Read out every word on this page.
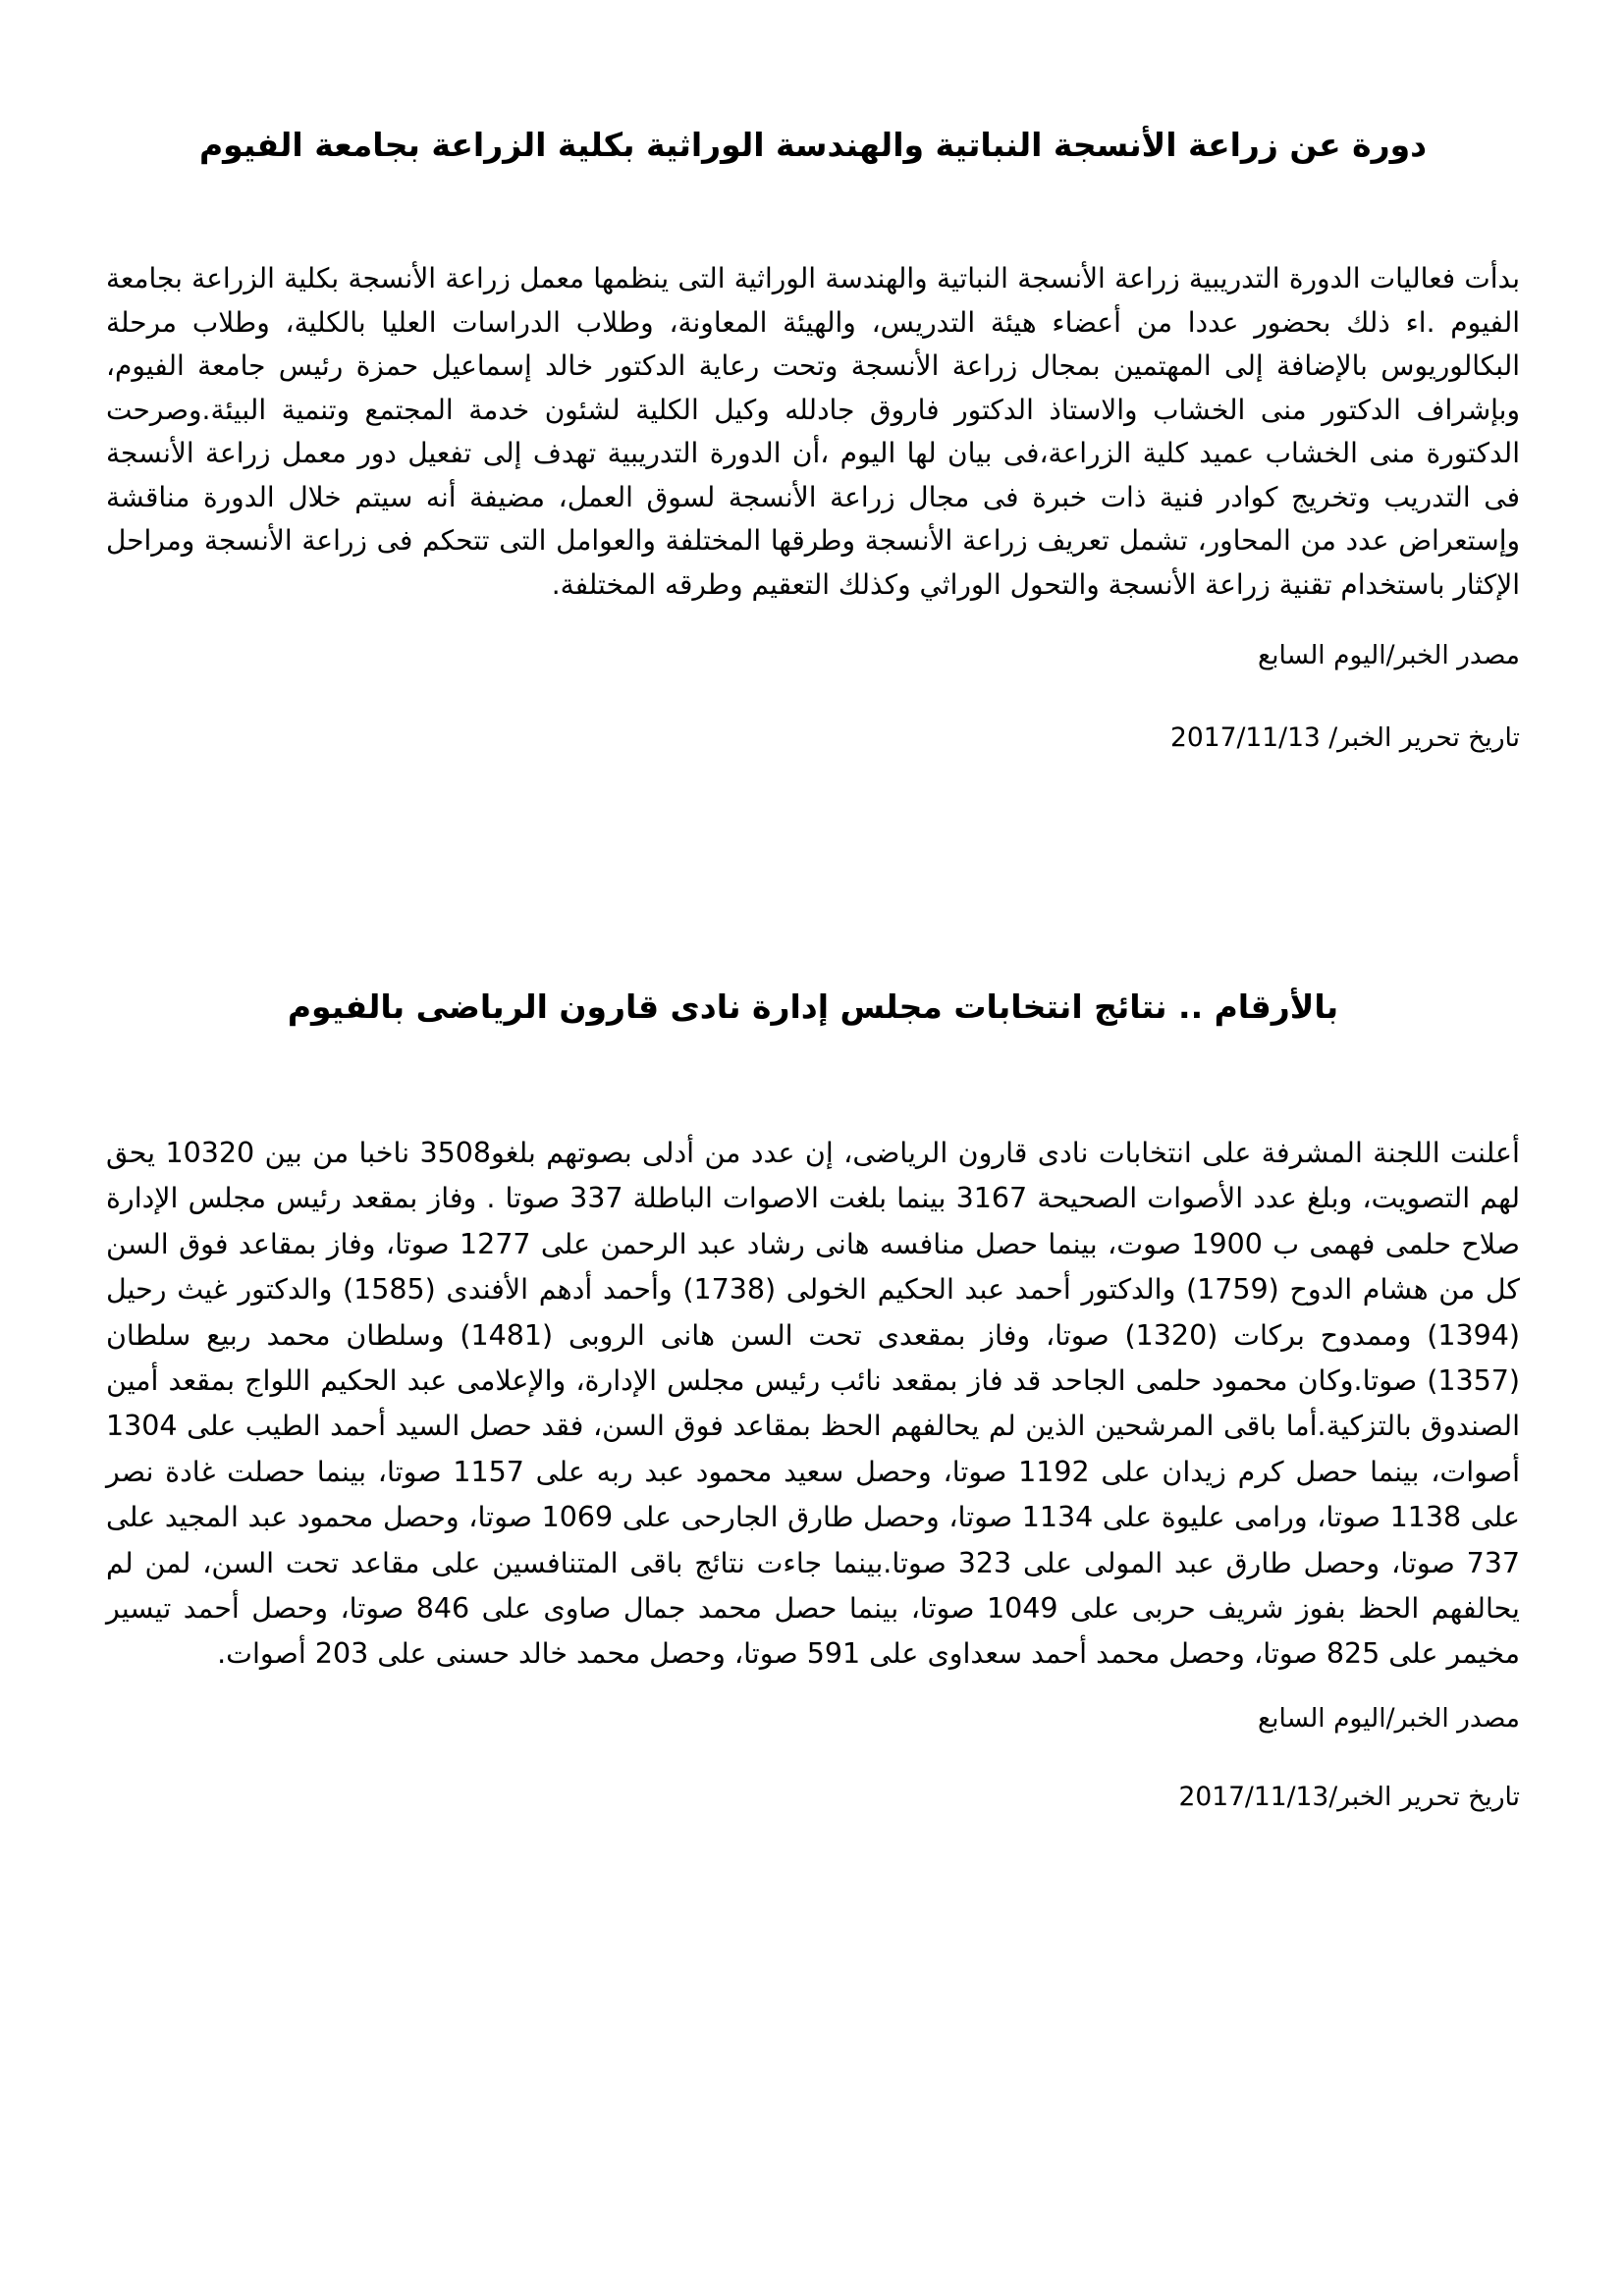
دورة عن زراعة الأنسجة النباتية والهندسة الوراثية بكلية الزراعة بجامعة الفيوم

بدأت فعاليات الدورة التدريبية زراعة الأنسجة النباتية والهندسة الوراثية التى ينظمها معمل زراعة الأنسجة بكلية الزراعة بجامعة الفيوم .اء ذلك بحضور عددا من أعضاء هيئة التدريس، والهيئة المعاونة، وطلاب الدراسات العليا بالكلية، وطلاب مرحلة البكالوريوس بالإضافة إلى المهتمين بمجال زراعة الأنسجة وتحت رعاية الدكتور خالد إسماعيل حمزة رئيس جامعة الفيوم، وبإشراف الدكتور منى الخشاب والاستاذ الدكتور فاروق جادلله وكيل الكلية لشئون خدمة المجتمع وتنمية البيئة.وصرحت الدكتورة منى الخشاب عميد كلية الزراعة،فى بيان لها اليوم ،أن الدورة التدريبية تهدف إلى تفعيل دور معمل زراعة الأنسجة فى التدريب وتخريج كوادر فنية ذات خبرة فى مجال زراعة الأنسجة لسوق العمل، مضيفة أنه سيتم خلال الدورة مناقشة وإستعراض عدد من المحاور، تشمل تعريف زراعة الأنسجة وطرقها المختلفة والعوامل التى تتحكم فى زراعة الأنسجة ومراحل الإكثار باستخدام تقنية زراعة الأنسجة والتحول الوراثي وكذلك التعقيم وطرقه المختلفة.

مصدر الخبر/اليوم السابع

تاريخ تحرير الخبر/ 2017/11/13

بالأرقام .. نتائج انتخابات مجلس إدارة نادى قارون الرياضى بالفيوم

أعلنت اللجنة المشرفة على انتخابات نادى قارون الرياضى، إن عدد من أدلى بصوتهم بلغو3508 ناخبا من بين 10320 يحق لهم التصويت، وبلغ عدد الأصوات الصحيحة 3167 بينما بلغت الاصوات الباطلة 337 صوتا . وفاز بمقعد رئيس مجلس الإدارة صلاح حلمى فهمى ب 1900 صوت، بينما حصل منافسه هانى رشاد عبد الرحمن على 1277 صوتا، وفاز بمقاعد فوق السن كل من هشام الدوح (1759) والدكتور أحمد عبد الحكيم الخولى (1738) وأحمد أدهم الأفندى (1585) والدكتور غيث رحيل (1394) وممدوح بركات (1320) صوتا، وفاز بمقعدى تحت السن هانى الروبى (1481) وسلطان محمد ربيع سلطان (1357) صوتا.وكان محمود حلمى الجاحد قد فاز بمقعد نائب رئيس مجلس الإدارة، والإعلامى عبد الحكيم اللواج بمقعد أمين الصندوق بالتزكية.أما باقى المرشحين الذين لم يحالفهم الحظ بمقاعد فوق السن، فقد حصل السيد أحمد الطيب على 1304 أصوات، بينما حصل كرم زيدان على 1192 صوتا، وحصل سعيد محمود عبد ربه على 1157 صوتا، بينما حصلت غادة نصر على 1138 صوتا، ورامى عليوة على 1134 صوتا، وحصل طارق الجارحى على 1069 صوتا، وحصل محمود عبد المجيد على 737 صوتا، وحصل طارق عبد المولى على 323 صوتا.بينما جاءت نتائج باقى المتنافسين على مقاعد تحت السن، لمن لم يحالفهم الحظ بفوز شريف حربى على 1049 صوتا، بينما حصل محمد جمال صاوى على 846 صوتا، وحصل أحمد تيسير مخيمر على 825 صوتا، وحصل محمد أحمد سعداوى على 591 صوتا، وحصل محمد خالد حسنى على 203 أصوات.

مصدر الخبر/اليوم السابع

تاريخ تحرير الخبر/2017/11/13
